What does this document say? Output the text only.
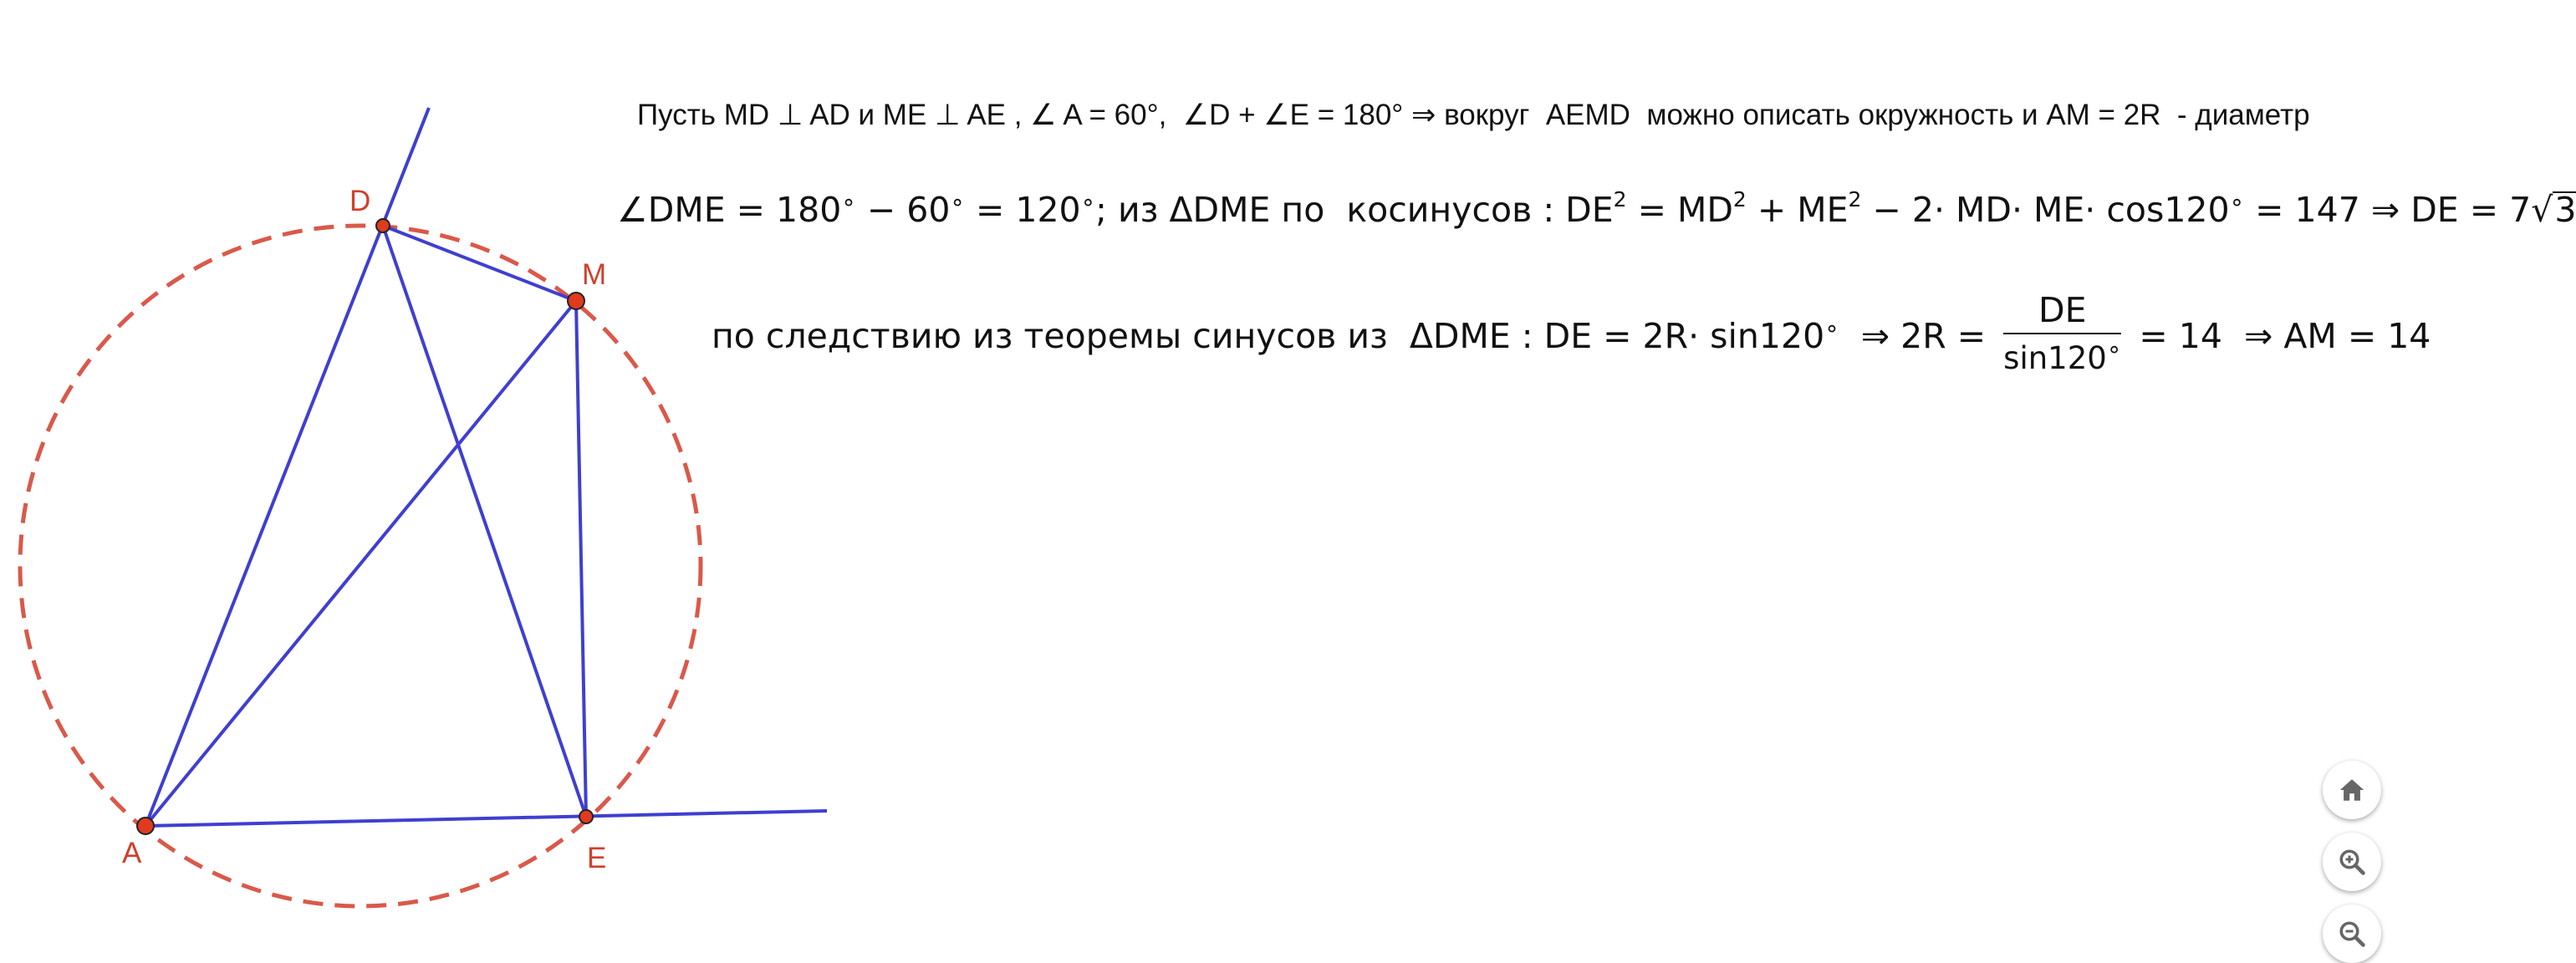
D
M
A	E
Пусть MD ⊥ AD и ME ⊥ AE , ∠ A = 60°,  ∠D + ∠E = 180° ⇒ вокруг  AEMD  можно описать окружность и AM = 2R  - диаметр
∠DME = 180∘ − 60∘ = 120∘; из ΔDME по  косинусов : $DE^2 = MD^2 + ME^2 - 2\cdot MD\cdot ME\cdot \cos 120^\circ = 147$ ⇒ DE = 7√3
по следствию из теоремы синусов из  ΔDME : DE = 2R· sin120∘  ⇒ $2R = \frac{DE}{\sin 120^\circ} = 14$  ⇒ AM = 14
